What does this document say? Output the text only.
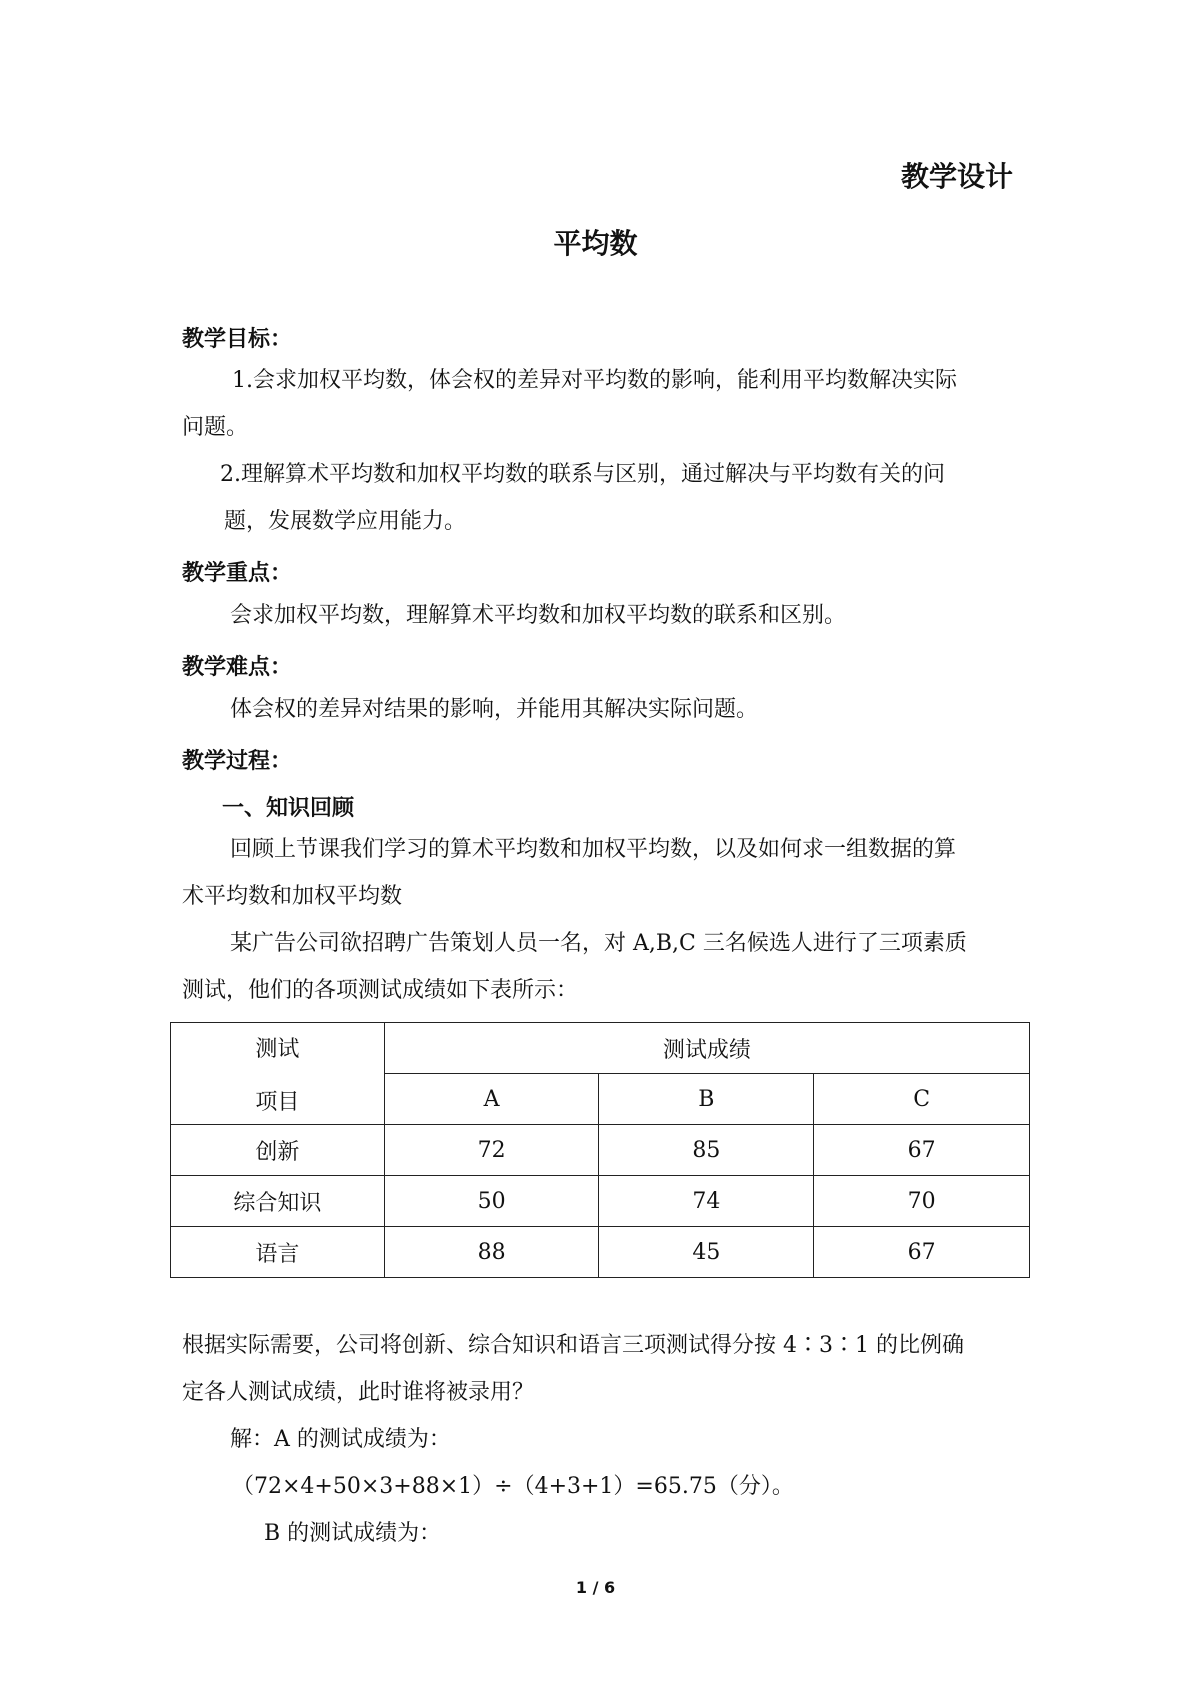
教学设计
平均数
教学目标：
1.会求加权平均数，体会权的差异对平均数的影响，能利用平均数解决实际
问题。
2.理解算术平均数和加权平均数的联系与区别，通过解决与平均数有关的问
题，发展数学应用能力。
教学重点：
会求加权平均数，理解算术平均数和加权平均数的联系和区别。
教学难点：
体会权的差异对结果的影响，并能用其解决实际问题。
教学过程：
一、知识回顾
回顾上节课我们学习的算术平均数和加权平均数，以及如何求一组数据的算
术平均数和加权平均数
某广告公司欲招聘广告策划人员一名，对 A,B,C 三名候选人进行了三项素质
测试，他们的各项测试成绩如下表所示：
测试
项目	测试成绩		
	A	B	C
创新	72	85	67
综合知识	50	74	70
语言	88	45	67
根据实际需要，公司将创新、综合知识和语言三项测试得分按 4∶3∶1 的比例确
定各人测试成绩，此时谁将被录用？
解：A 的测试成绩为：
（72×4+50×3+88×1）÷（4+3+1）=65.75（分）。
B 的测试成绩为：
1 / 6
